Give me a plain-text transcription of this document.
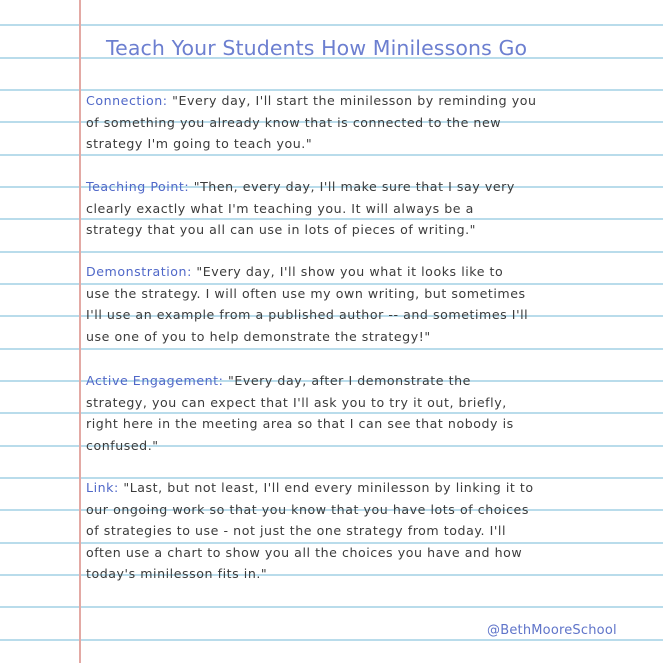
Teach Your Students How Minilessons Go
Connection: "Every day, I'll start the minilesson by reminding you
of something you already know that is connected to the new
strategy I'm going to teach you."
Teaching Point: "Then, every day, I'll make sure that I say very
clearly exactly what I'm teaching you. It will always be a
strategy that you all can use in lots of pieces of writing."
Demonstration: "Every day, I'll show you what it looks like to
use the strategy. I will often use my own writing, but sometimes
I'll use an example from a published author -- and sometimes I'll
use one of you to help demonstrate the strategy!"
Active Engagement: "Every day, after I demonstrate the
strategy, you can expect that I'll ask you to try it out, briefly,
right here in the meeting area so that I can see that nobody is
confused."
Link: "Last, but not least, I'll end every minilesson by linking it to
our ongoing work so that you know that you have lots of choices
of strategies to use - not just the one strategy from today. I'll
often use a chart to show you all the choices you have and how
today's minilesson fits in."
@BethMooreSchool
